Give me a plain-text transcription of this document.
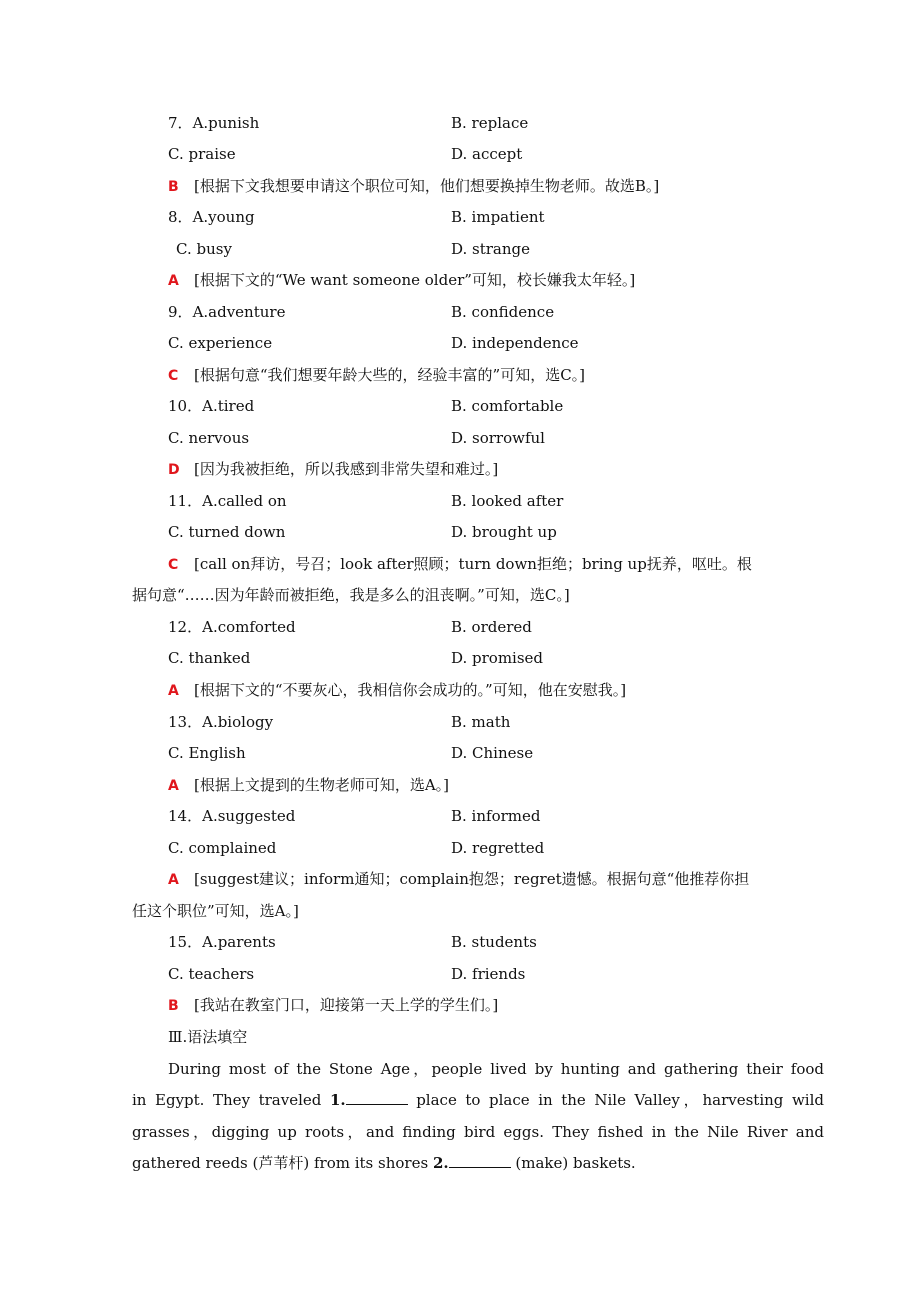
7．A.punish	B. replace
C. praise	D. accept
B [根据下文我想要申请这个职位可知，他们想要换掉生物老师。故选B。]
8．A.young	B. impatient
C. busy	D. strange
A [根据下文的“We want someone older”可知，校长嫌我太年轻。]
9．A.adventure	B. confidence
C. experience	D. independence
C [根据句意“我们想要年龄大些的，经验丰富的”可知，选C。]
10．A.tired	B. comfortable
C. nervous	D. sorrowful
D [因为我被拒绝，所以我感到非常失望和难过。]
11．A.called on	B. looked after
C. turned down	D. brought up
C [call on拜访，号召；look after照顾；turn down拒绝；bring up抚养，呕吐。根
据句意“……因为年龄而被拒绝，我是多么的沮丧啊。”可知，选C。]
12．A.comforted	B. ordered
C. thanked	D. promised
A [根据下文的“不要灰心，我相信你会成功的。”可知，他在安慰我。]
13．A.biology	B. math
C. English	D. Chinese
A [根据上文提到的生物老师可知，选A。]
14．A.suggested	B. informed
C. complained	D. regretted
A [suggest建议；inform通知；complain抱怨；regret遗憾。根据句意“他推荐你担
任这个职位”可知，选A。]
15．A.parents	B. students
C. teachers	D. friends
B [我站在教室门口，迎接第一天上学的学生们。]
Ⅲ.语法填空
During most of the Stone Age，people lived by hunting and gathering their food
in Egypt. They traveled 1.	place to place in the Nile Valley，harvesting wild
grasses，digging up roots，and finding bird eggs. They fished in the Nile River and
gathered reeds (芦苇杆) from its shores 2.	(make) baskets.
